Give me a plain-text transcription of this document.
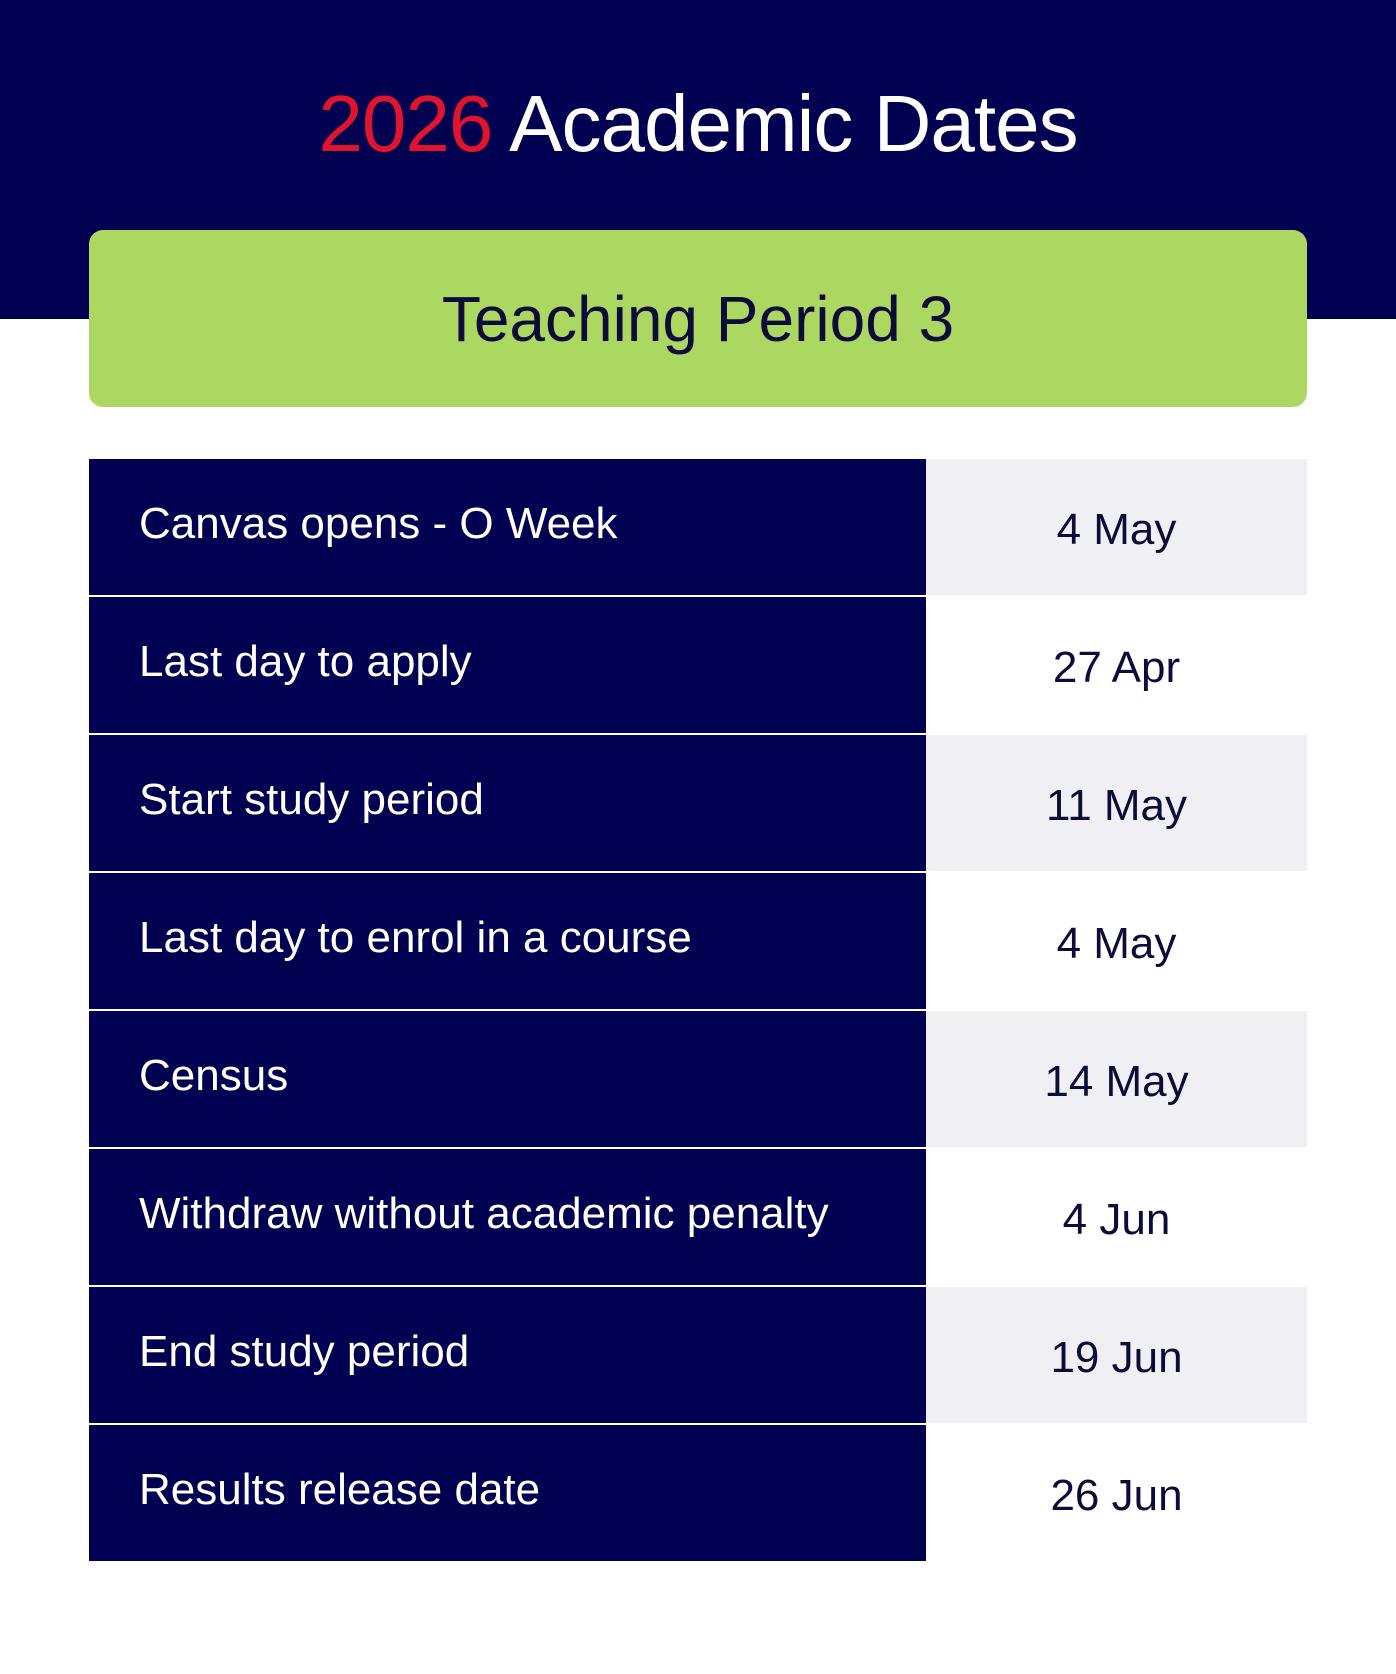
2026 Academic Dates
Teaching Period 3
Canvas opens - O Week	4 May
Last day to apply	27 Apr
Start study period	11 May
Last day to enrol in a course	4 May
Census	14 May
Withdraw without academic penalty	4 Jun
End study period	19 Jun
Results release date	26 Jun
